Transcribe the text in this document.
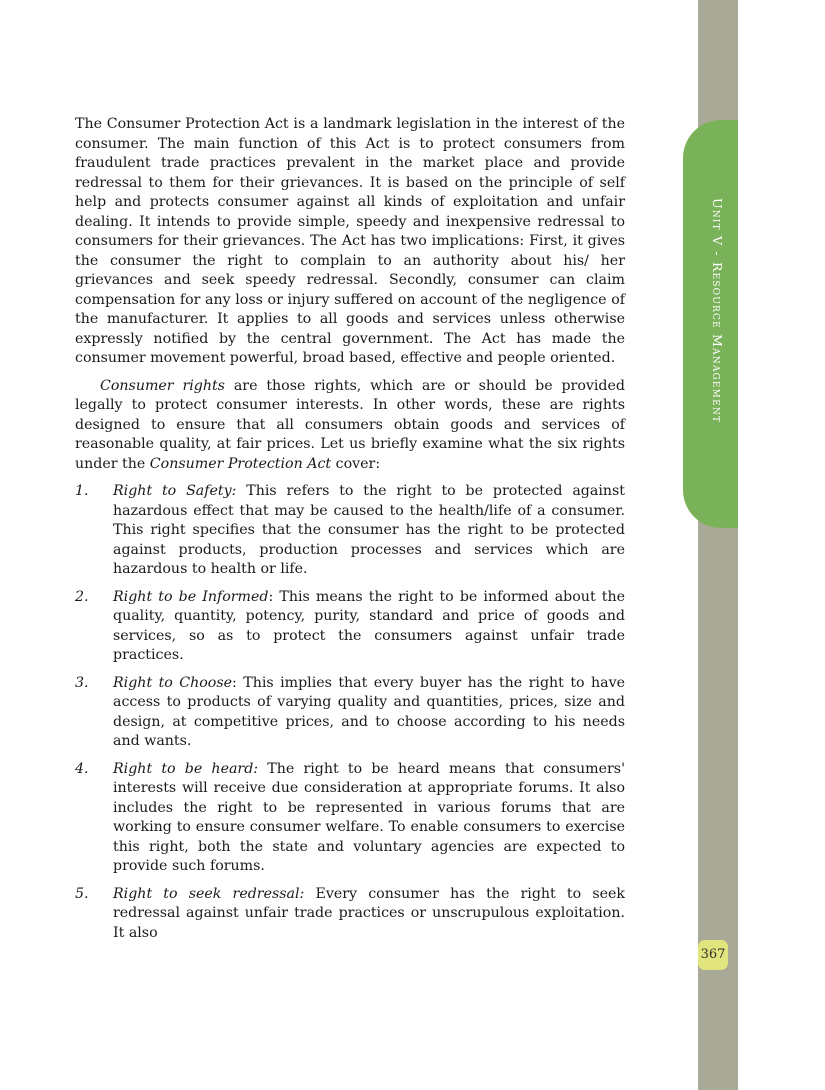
Unit V - Resource Management
367

The Consumer Protection Act is a landmark legislation in the interest of the consumer. The main function of this Act is to protect consumers from fraudulent trade practices prevalent in the market place and provide redressal to them for their grievances. It is based on the principle of self help and protects consumer against all kinds of exploitation and unfair dealing. It intends to provide simple, speedy and inexpensive redressal to consumers for their grievances. The Act has two implications: First, it gives the consumer the right to complain to an authority about his/ her grievances and seek speedy redressal. Secondly, consumer can claim compensation for any loss or injury suffered on account of the negligence of the manufacturer. It applies to all goods and services unless otherwise expressly notified by the central government. The Act has made the consumer movement powerful, broad based, effective and people oriented.

Consumer rights are those rights, which are or should be provided legally to protect consumer interests. In other words, these are rights designed to ensure that all consumers obtain goods and services of reasonable quality, at fair prices. Let us briefly examine what the six rights under the Consumer Protection Act cover:

1. Right to Safety: This refers to the right to be protected against hazardous effect that may be caused to the health/life of a consumer. This right specifies that the consumer has the right to be protected against products, production processes and services which are hazardous to health or life.
2. Right to be Informed: This means the right to be informed about the quality, quantity, potency, purity, standard and price of goods and services, so as to protect the consumers against unfair trade practices.
3. Right to Choose: This implies that every buyer has the right to have access to products of varying quality and quantities, prices, size and design, at competitive prices, and to choose according to his needs and wants.
4. Right to be heard: The right to be heard means that consumers' interests will receive due consideration at appropriate forums. It also includes the right to be represented in various forums that are working to ensure consumer welfare. To enable consumers to exercise this right, both the state and voluntary agencies are expected to provide such forums.
5. Right to seek redressal: Every consumer has the right to seek redressal against unfair trade practices or unscrupulous exploitation. It also
